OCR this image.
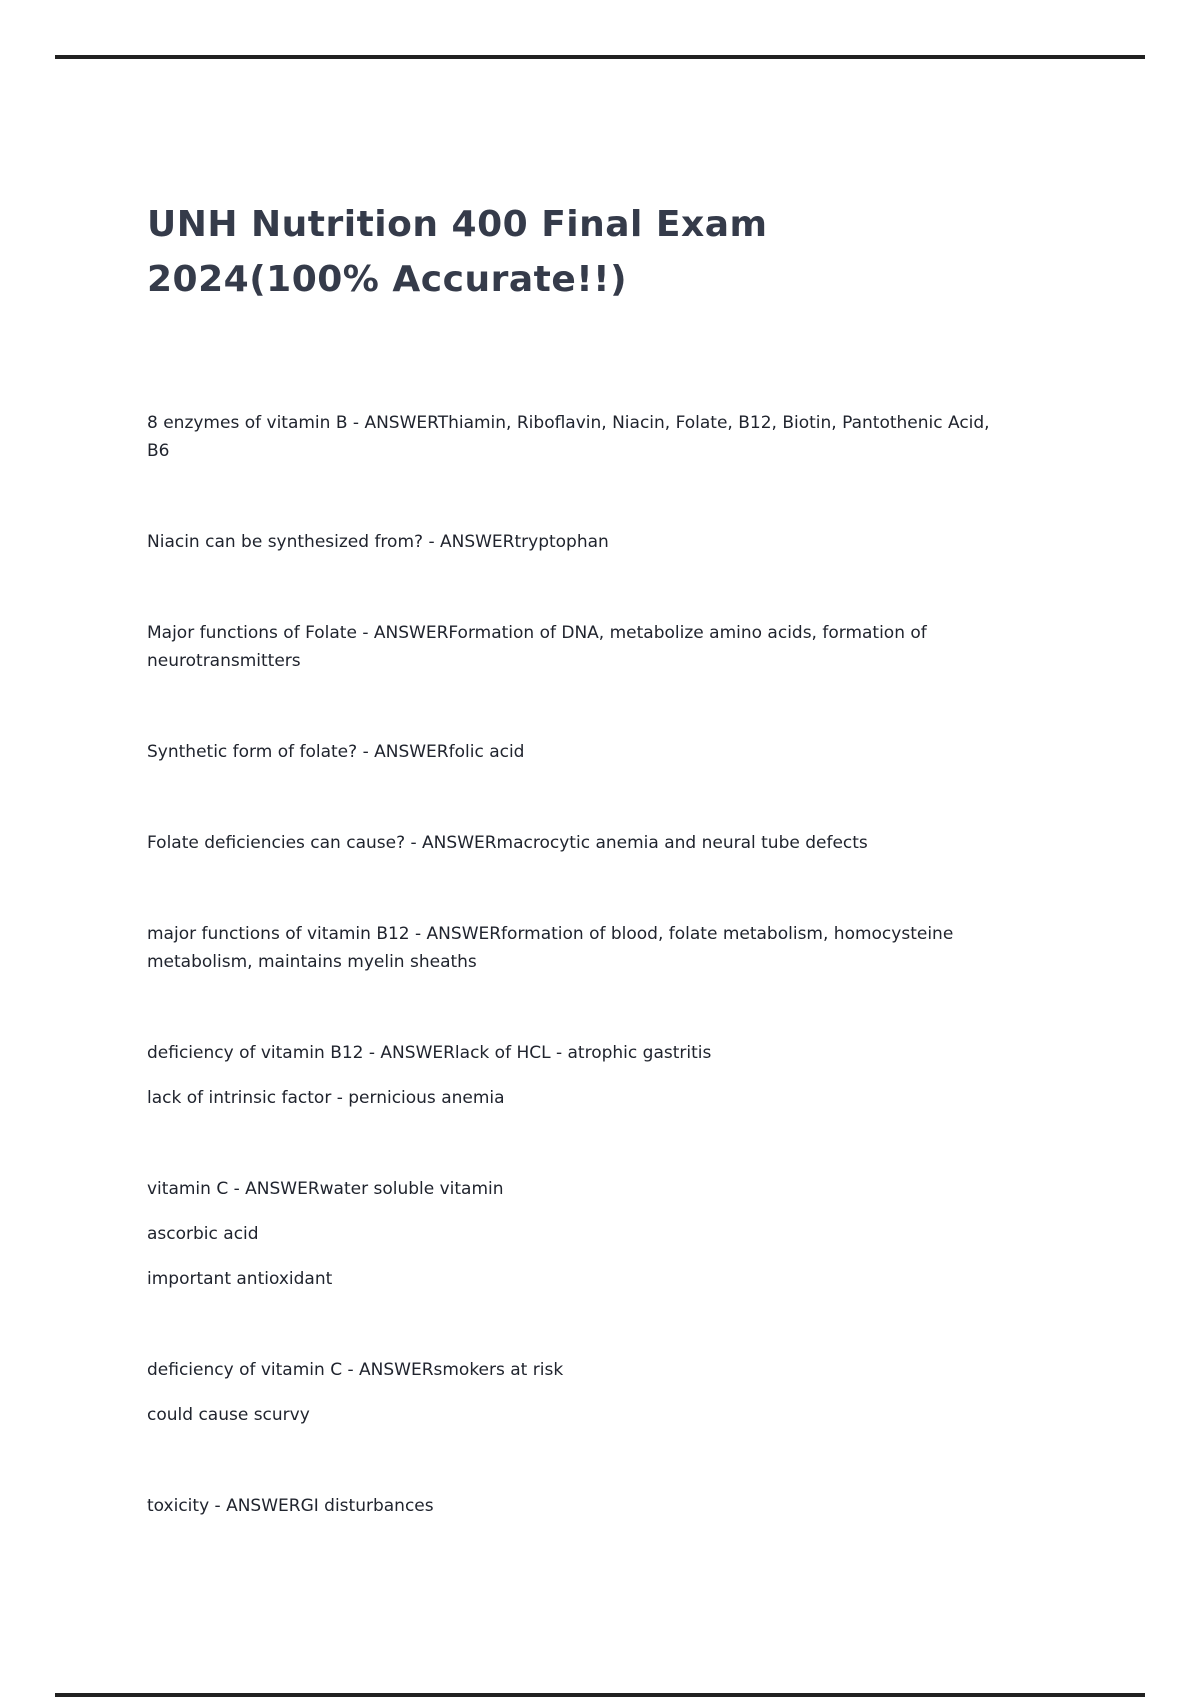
UNH Nutrition 400 Final Exam
2024(100% Accurate!!)
8 enzymes of vitamin B - ANSWERThiamin, Riboflavin, Niacin, Folate, B12, Biotin, Pantothenic Acid,
B6
Niacin can be synthesized from? - ANSWERtryptophan
Major functions of Folate - ANSWERFormation of DNA, metabolize amino acids, formation of
neurotransmitters
Synthetic form of folate? - ANSWERfolic acid
Folate deficiencies can cause? - ANSWERmacrocytic anemia and neural tube defects
major functions of vitamin B12 - ANSWERformation of blood, folate metabolism, homocysteine
metabolism, maintains myelin sheaths
deficiency of vitamin B12 - ANSWERlack of HCL - atrophic gastritis
lack of intrinsic factor - pernicious anemia
vitamin C - ANSWERwater soluble vitamin
ascorbic acid
important antioxidant
deficiency of vitamin C - ANSWERsmokers at risk
could cause scurvy
toxicity - ANSWERGI disturbances
